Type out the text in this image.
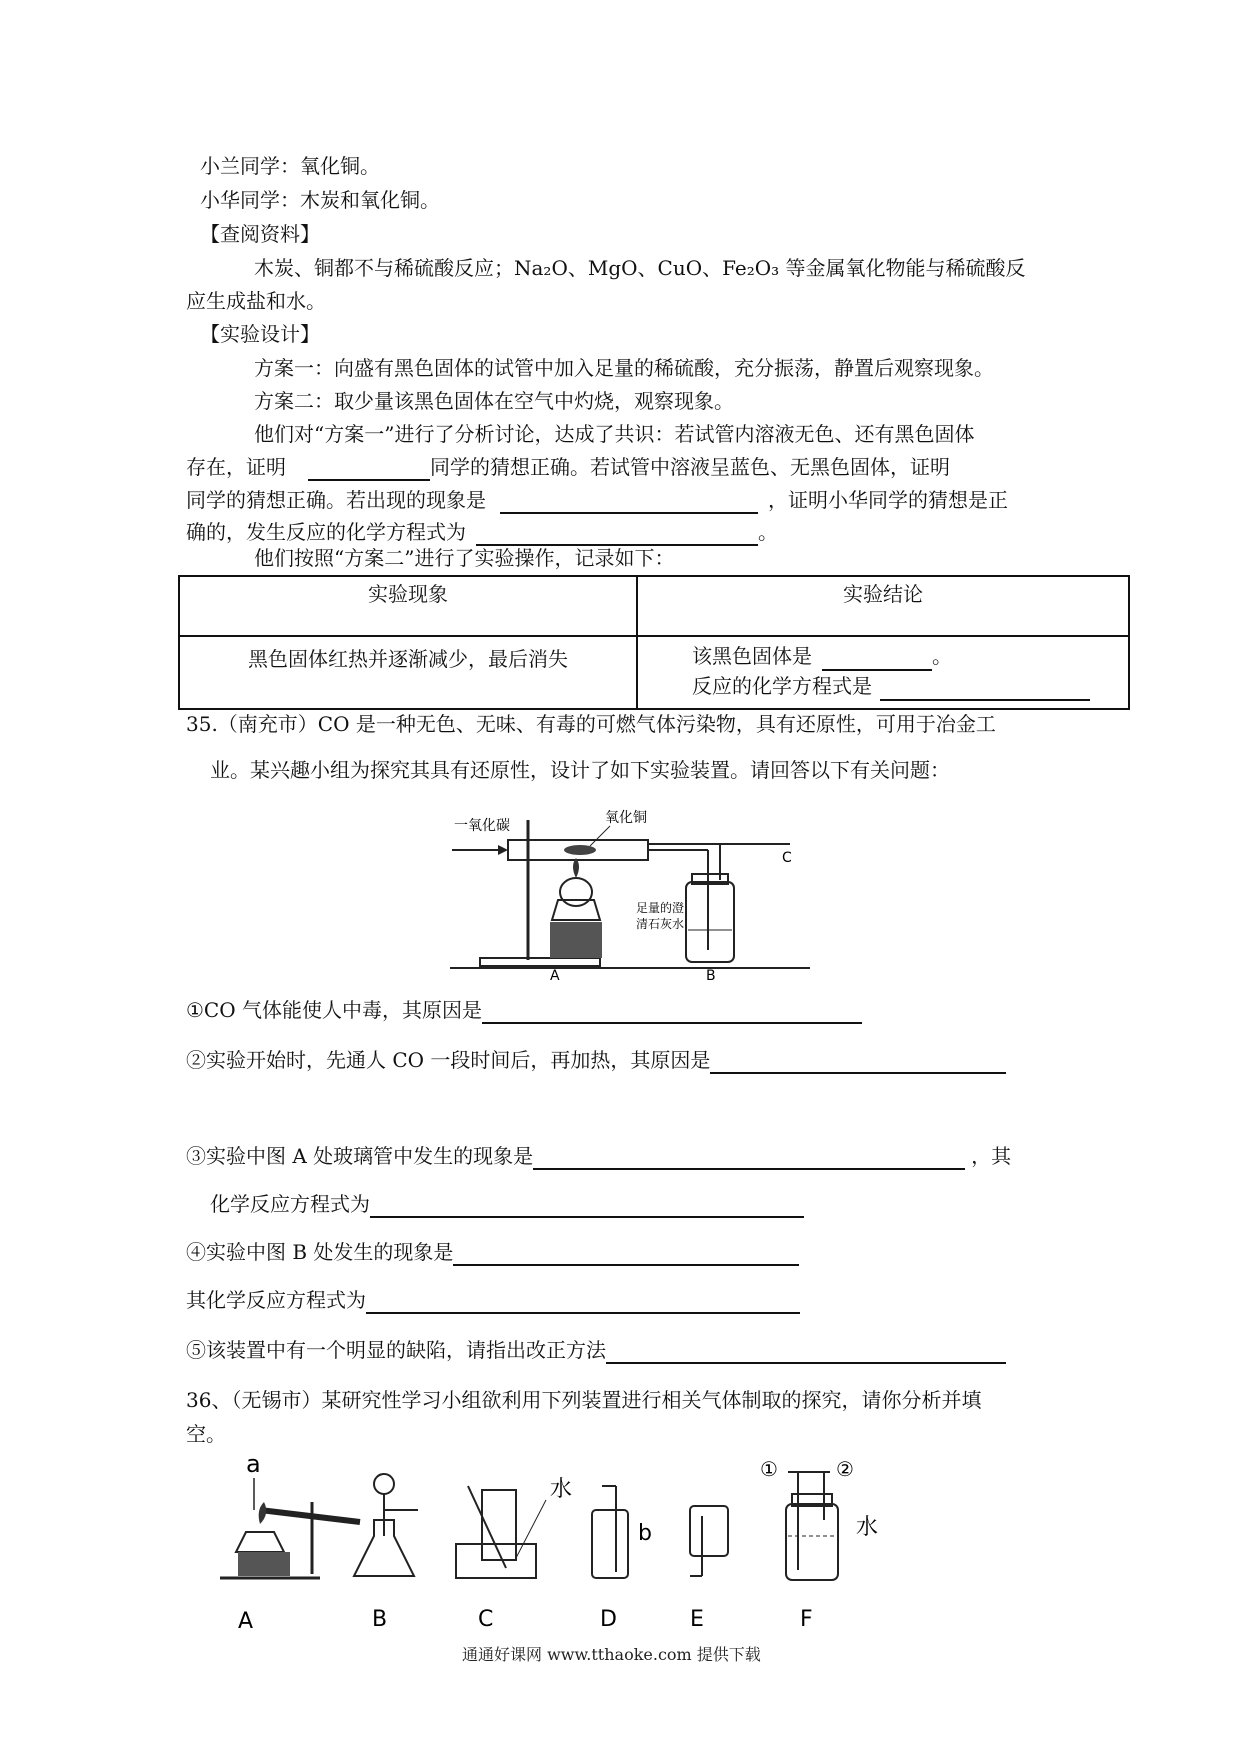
小兰同学：氧化铜。
小华同学：木炭和氧化铜。
【查阅资料】
木炭、铜都不与稀硫酸反应；Na₂O、MgO、CuO、Fe₂O₃ 等金属氧化物能与稀硫酸反
应生成盐和水。
【实验设计】
方案一：向盛有黑色固体的试管中加入足量的稀硫酸，充分振荡，静置后观察现象。
方案二：取少量该黑色固体在空气中灼烧，观察现象。
他们对“方案一”进行了分析讨论，达成了共识：若试管内溶液无色、还有黑色固体
存在，证明	同学的猜想正确。若试管中溶液呈蓝色、无黑色固体，证明
同学的猜想正确。若出现的现象是	，证明小华同学的猜想是正
确的，发生反应的化学方程式为	。
他们按照“方案二”进行了实验操作，记录如下：
实验现象	实验结论
黑色固体红热并逐渐减少，最后消失	该黑色固体是 。
反应的化学方程式是
35.（南充市）CO 是一种无色、无味、有毒的可燃气体污染物，具有还原性，可用于冶金工
业。某兴趣小组为探究其具有还原性，设计了如下实验装置。请回答以下有关问题：
一氧化碳	氧化铜
C
足量的澄
清石灰水
A	B
①CO 气体能使人中毒，其原因是
②实验开始时，先通人 CO 一段时间后，再加热，其原因是
③实验中图 A 处玻璃管中发生的现象是	，其
化学反应方程式为
④实验中图 B 处发生的现象是
其化学反应方程式为
⑤该装置中有一个明显的缺陷，请指出改正方法
36、（无锡市）某研究性学习小组欲利用下列装置进行相关气体制取的探究，请你分析并填
空。
a
A	B
水
C
b
D	E
①	②
水
F
通通好课网 www.tthaoke.com 提供下载
